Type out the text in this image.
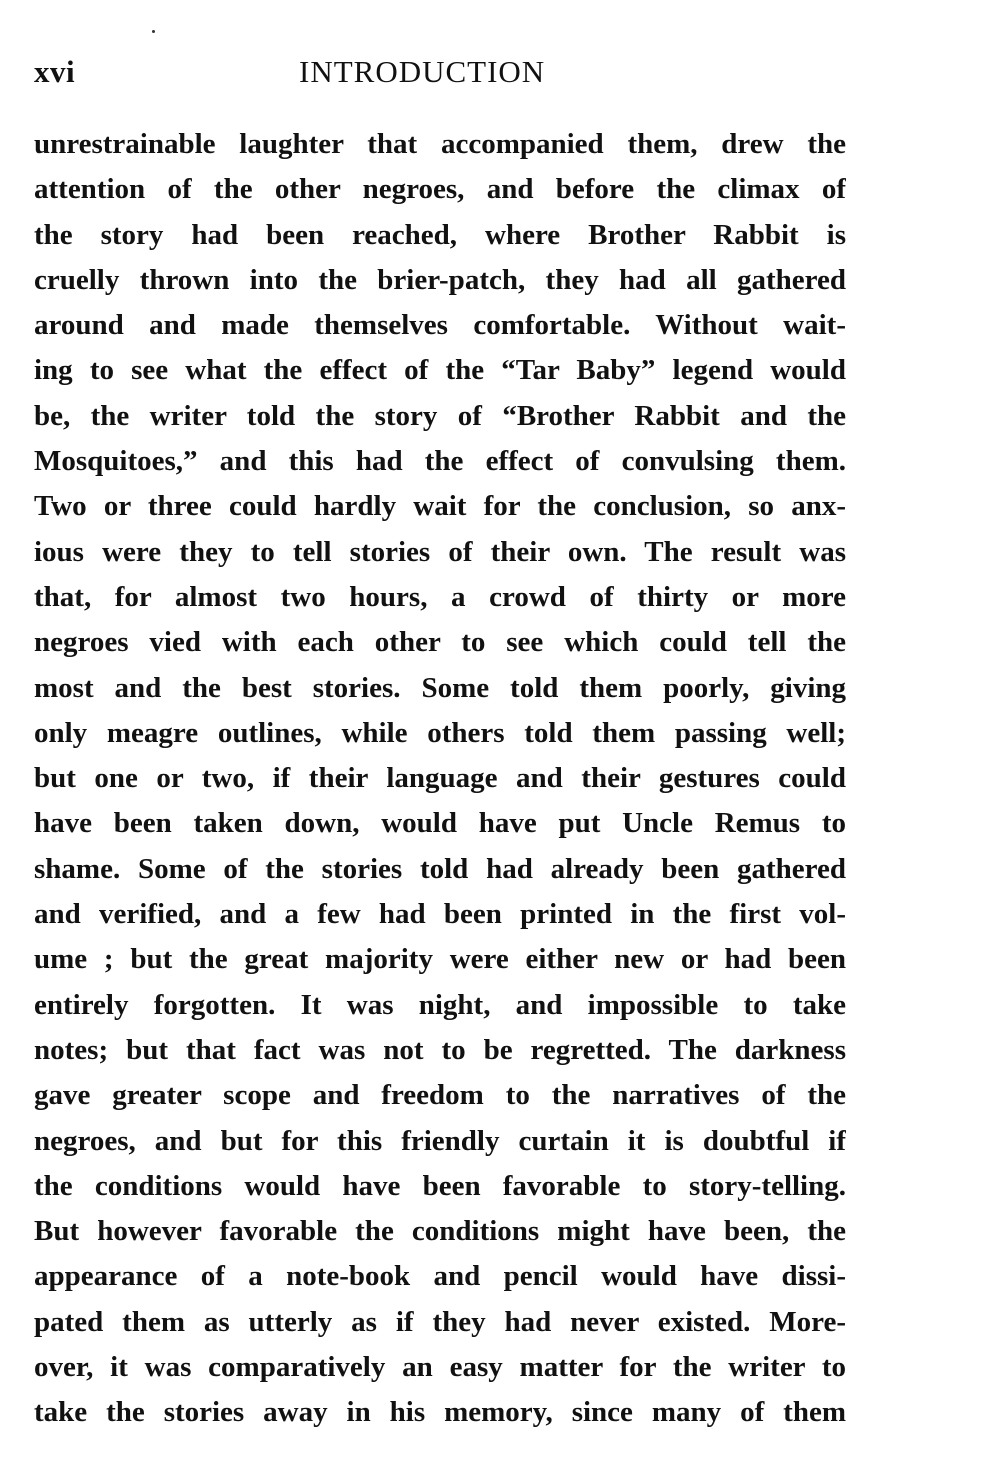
xvi	INTRODUCTION
unrestrainable laughter that accompanied them, drew the
attention of the other negroes, and before the climax of
the story had been reached, where Brother Rabbit is
cruelly thrown into the brier-patch, they had all gathered
around and made themselves comfortable. Without wait-
ing to see what the effect of the “Tar Baby” legend would
be, the writer told the story of “Brother Rabbit and the
Mosquitoes,” and this had the effect of convulsing them.
Two or three could hardly wait for the conclusion, so anx-
ious were they to tell stories of their own. The result was
that, for almost two hours, a crowd of thirty or more
negroes vied with each other to see which could tell the
most and the best stories. Some told them poorly, giving
only meagre outlines, while others told them passing well;
but one or two, if their language and their gestures could
have been taken down, would have put Uncle Remus to
shame. Some of the stories told had already been gathered
and verified, and a few had been printed in the first vol-
ume ; but the great majority were either new or had been
entirely forgotten. It was night, and impossible to take
notes; but that fact was not to be regretted. The darkness
gave greater scope and freedom to the narratives of the
negroes, and but for this friendly curtain it is doubtful if
the conditions would have been favorable to story-telling.
But however favorable the conditions might have been, the
appearance of a note-book and pencil would have dissi-
pated them as utterly as if they had never existed. More-
over, it was comparatively an easy matter for the writer to
take the stories away in his memory, since many of them
